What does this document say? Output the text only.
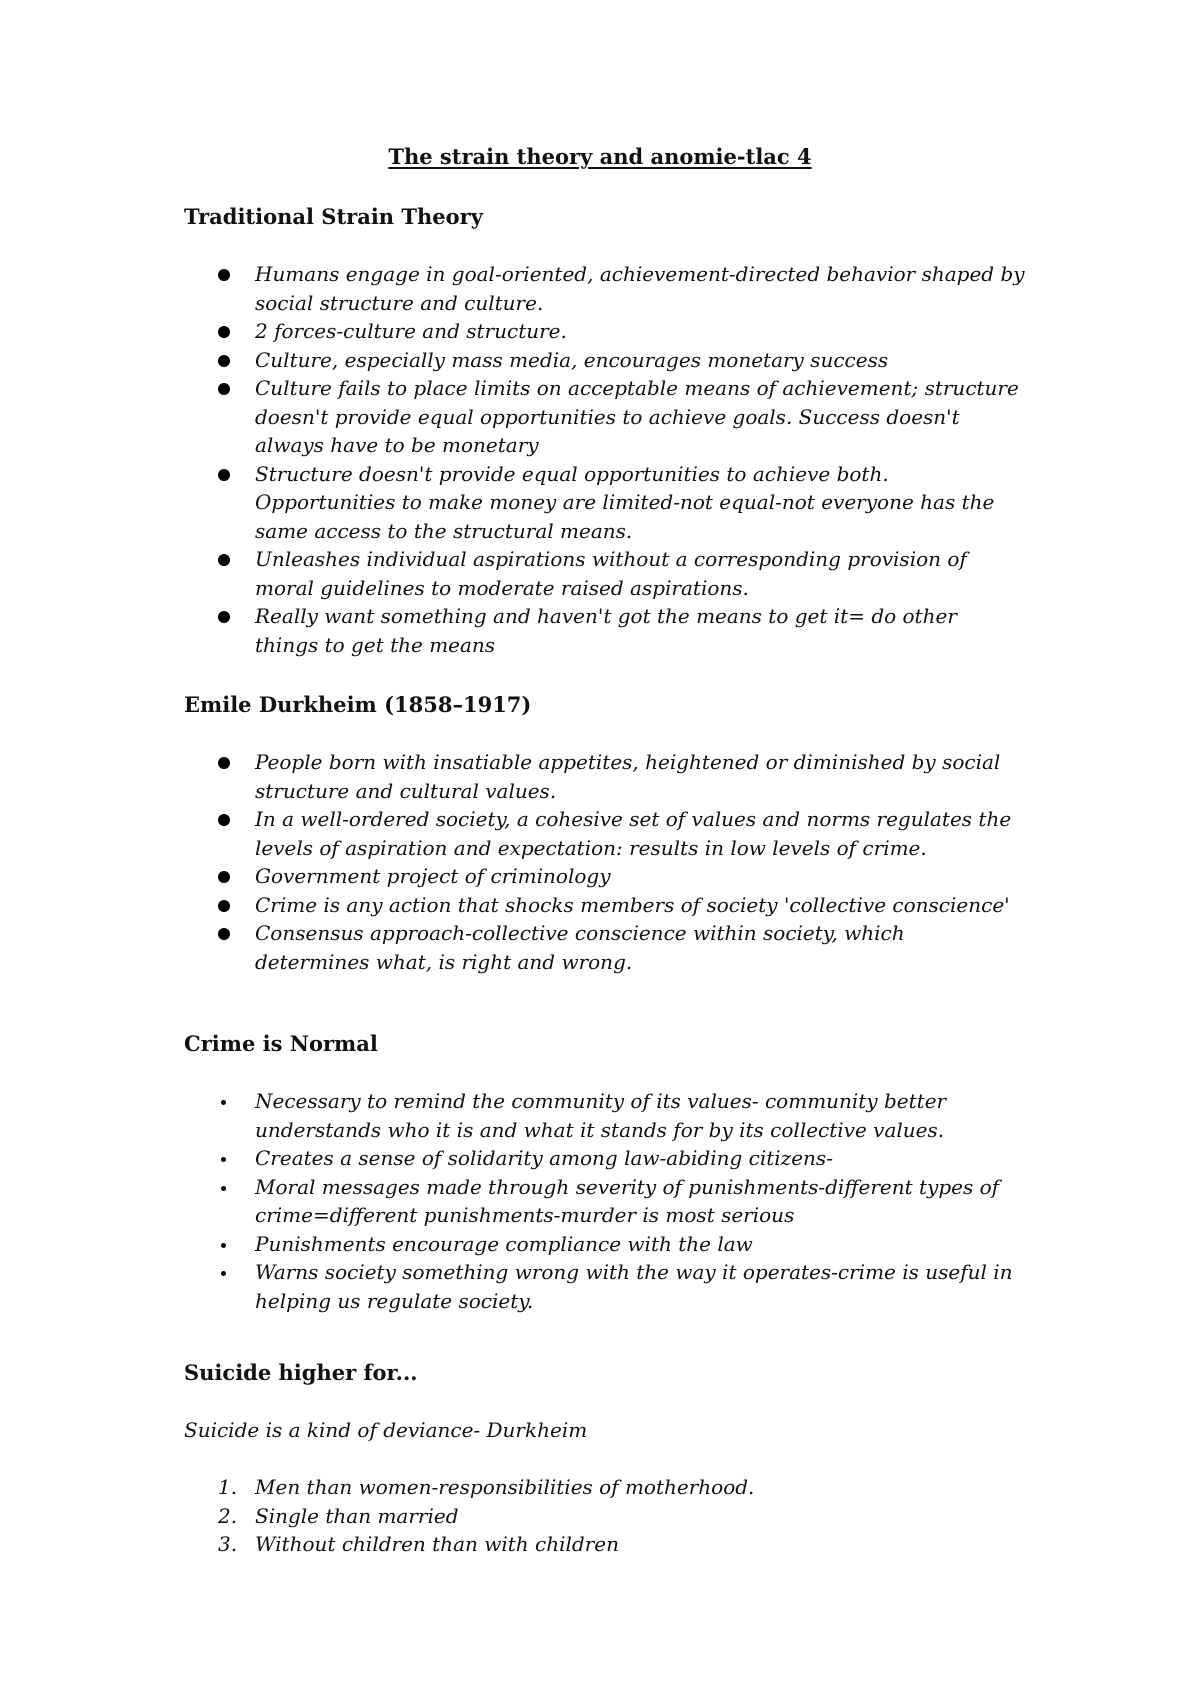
The strain theory and anomie-tlac 4
Traditional Strain Theory
Humans engage in goal-oriented, achievement-directed behavior shaped by social structure and culture.
2 forces-culture and structure.
Culture, especially mass media, encourages monetary success
Culture fails to place limits on acceptable means of achievement; structure doesn't provide equal opportunities to achieve goals. Success doesn't always have to be monetary
Structure doesn't provide equal opportunities to achieve both. Opportunities to make money are limited-not equal-not everyone has the same access to the structural means.
Unleashes individual aspirations without a corresponding provision of moral guidelines to moderate raised aspirations.
Really want something and haven't got the means to get it= do other things to get the means
Emile Durkheim (1858–1917)
People born with insatiable appetites, heightened or diminished by social structure and cultural values.
In a well-ordered society, a cohesive set of values and norms regulates the levels of aspiration and expectation: results in low levels of crime.
Government project of criminology
Crime is any action that shocks members of society 'collective conscience'
Consensus approach-collective conscience within society, which determines what, is right and wrong.
Crime is Normal
Necessary to remind the community of its values- community better understands who it is and what it stands for by its collective values.
Creates a sense of solidarity among law-abiding citizens-
Moral messages made through severity of punishments-different types of crime=different punishments-murder is most serious
Punishments encourage compliance with the law
Warns society something wrong with the way it operates-crime is useful in helping us regulate society.
Suicide higher for...

Suicide is a kind of deviance- Durkheim

1. Men than women-responsibilities of motherhood.
2. Single than married
3. Without children than with children
